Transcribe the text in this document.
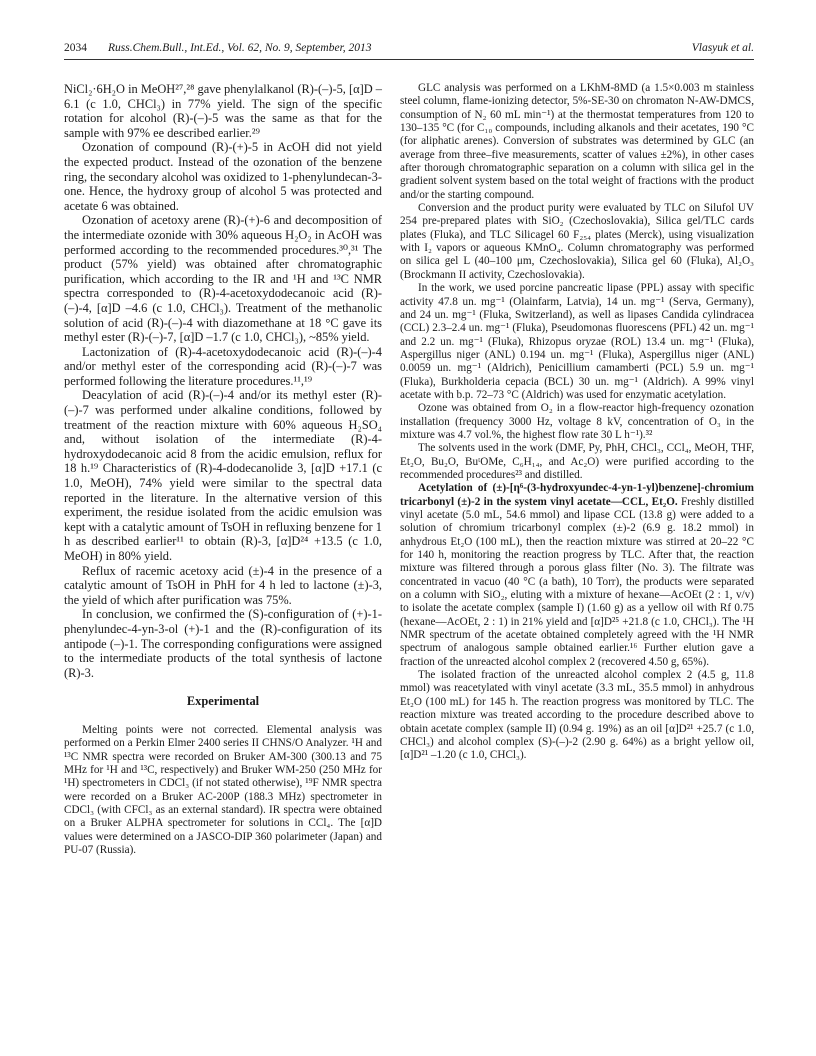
2034 Russ.Chem.Bull., Int.Ed., Vol. 62, No. 9, September, 2013	Vlasyuk et al.

NiCl₂·6H₂O in MeOH²⁷,²⁸ gave phenylalkanol (R)-(–)-5, [α]D –6.1 (c 1.0, CHCl₃) in 77% yield. The sign of the specific rotation for alcohol (R)-(–)-5 was the same as that for the sample with 97% ee described earlier.²⁹

Ozonation of compound (R)-(+)-5 in AcOH did not yield the expected product. Instead of the ozonation of the benzene ring, the secondary alcohol was oxidized to 1-phenylundecan-3-one. Hence, the hydroxy group of alcohol 5 was protected and acetate 6 was obtained.

Ozonation of acetoxy arene (R)-(+)-6 and decomposition of the intermediate ozonide with 30% aqueous H₂O₂ in AcOH was performed according to the recommended procedures.³⁰,³¹ The product (57% yield) was obtained after chromatographic purification, which according to the IR and ¹H and ¹³C NMR spectra corresponded to (R)-4-acetoxydodecanoic acid (R)-(–)-4, [α]D –4.6 (c 1.0, CHCl₃). Treatment of the methanolic solution of acid (R)-(–)-4 with diazomethane at 18 °C gave its methyl ester (R)-(–)-7, [α]D –1.7 (c 1.0, CHCl₃), ~85% yield.

Lactonization of (R)-4-acetoxydodecanoic acid (R)-(–)-4 and/or methyl ester of the corresponding acid (R)-(–)-7 was performed following the literature procedures.¹¹,¹⁹

Deacylation of acid (R)-(–)-4 and/or its methyl ester (R)-(–)-7 was performed under alkaline conditions, followed by treatment of the reaction mixture with 60% aqueous H₂SO₄ and, without isolation of the intermediate (R)-4-hydroxydodecanoic acid 8 from the acidic emulsion, reflux for 18 h.¹⁹ Characteristics of (R)-4-dodecanolide 3, [α]D +17.1 (c 1.0, MeOH), 74% yield were similar to the spectral data reported in the literature. In the alternative version of this experiment, the residue isolated from the acidic emulsion was kept with a catalytic amount of TsOH in refluxing benzene for 1 h as described earlier¹¹ to obtain (R)-3, [α]D²⁴ +13.5 (c 1.0, MeOH) in 80% yield.

Reflux of racemic acetoxy acid (±)-4 in the presence of a catalytic amount of TsOH in PhH for 4 h led to lactone (±)-3, the yield of which after purification was 75%.

In conclusion, we confirmed the (S)-configuration of (+)-1-phenylundec-4-yn-3-ol (+)-1 and the (R)-configuration of its antipode (–)-1. The corresponding configurations were assigned to the intermediate products of the total synthesis of lactone (R)-3.

Experimental

Melting points were not corrected. Elemental analysis was performed on a Perkin Elmer 2400 series II CHNS/O Analyzer. ¹H and ¹³C NMR spectra were recorded on Bruker AM-300 (300.13 and 75 MHz for ¹H and ¹³C, respectively) and Bruker WM-250 (250 MHz for ¹H) spectrometers in CDCl₃ (if not stated otherwise), ¹⁹F NMR spectra were recorded on a Bruker AC-200P (188.3 MHz) spectrometer in CDCl₃ (with CFCl₃ as an external standard). IR spectra were obtained on a Bruker ALPHA spectrometer for solutions in CCl₄. The [α]D values were determined on a JASCO-DIP 360 polarimeter (Japan) and PU-07 (Russia).

GLC analysis was performed on a LKhM-8MD (a 1.5×0.003 m stainless steel column, flame-ionizing detector, 5%-SE-30 on chromaton N-AW-DMCS, consumption of N₂ 60 mL min⁻¹) at the thermostat temperatures from 120 to 130–135 °C (for C₁₀ compounds, including alkanols and their acetates, 190 °C (for aliphatic arenes). Conversion of substrates was determined by GLC (an average from three–five measurements, scatter of values ±2%), in other cases after thorough chromatographic separation on a column with silica gel in the gradient solvent system based on the total weight of fractions with the product and/or the starting compound.

Conversion and the product purity were evaluated by TLC on Silufol UV 254 pre-prepared plates with SiO₂ (Czechoslovakia), Silica gel/TLC cards plates (Fluka), and TLC Silicagel 60 F₂₅₄ plates (Merck), using visualization with I₂ vapors or aqueous KMnO₄. Column chromatography was performed on silica gel L (40–100 μm, Czechoslovakia), Silica gel 60 (Fluka), Al₂O₃ (Brockmann II activity, Czechoslovakia).

In the work, we used porcine pancreatic lipase (PPL) assay with specific activity 47.8 un. mg⁻¹ (Olainfarm, Latvia), 14 un. mg⁻¹ (Serva, Germany), and 24 un. mg⁻¹ (Fluka, Switzerland), as well as lipases Candida cylindracea (CCL) 2.3–2.4 un. mg⁻¹ (Fluka), Pseudomonas fluorescens (PFL) 42 un. mg⁻¹ and 2.2 un. mg⁻¹ (Fluka), Rhizopus oryzae (ROL) 13.4 un. mg⁻¹ (Fluka), Aspergillus niger (ANL) 0.194 un. mg⁻¹ (Fluka), Aspergillus niger (ANL) 0.0059 un. mg⁻¹ (Aldrich), Penicillium camamberti (PCL) 5.9 un. mg⁻¹ (Fluka), Burkholderia cepacia (BCL) 30 un. mg⁻¹ (Aldrich). A 99% vinyl acetate with b.p. 72–73 °C (Aldrich) was used for enzymatic acetylation.

Ozone was obtained from O₂ in a flow-reactor high-frequency ozonation installation (frequency 3000 Hz, voltage 8 kV, concentration of O₃ in the mixture was 4.7 vol.%, the highest flow rate 30 L h⁻¹).³²

The solvents used in the work (DMF, Py, PhH, CHCl₃, CCl₄, MeOH, THF, Et₂O, Bu₂O, BuᵗOMe, C₆H₁₄, and Ac₂O) were purified according to the recommended procedures²³ and distilled.

Acetylation of (±)-[η⁶-(3-hydroxyundec-4-yn-1-yl)benzene]-chromium tricarbonyl (±)-2 in the system vinyl acetate—CCL, Et₂O. Freshly distilled vinyl acetate (5.0 mL, 54.6 mmol) and lipase CCL (13.8 g) were added to a solution of chromium tricarbonyl complex (±)-2 (6.9 g. 18.2 mmol) in anhydrous Et₂O (100 mL), then the reaction mixture was stirred at 20–22 °C for 140 h, monitoring the reaction progress by TLC. After that, the reaction mixture was filtered through a porous glass filter (No. 3). The filtrate was concentrated in vacuo (40 °C (a bath), 10 Torr), the products were separated on a column with SiO₂, eluting with a mixture of hexane—AcOEt (2 : 1, v/v) to isolate the acetate complex (sample I) (1.60 g) as a yellow oil with Rf 0.75 (hexane—AcOEt, 2 : 1) in 21% yield and [α]D²⁵ +21.8 (c 1.0, CHCl₃). The ¹H NMR spectrum of the acetate obtained completely agreed with the ¹H NMR spectrum of analogous sample obtained earlier.¹⁶ Further elution gave a fraction of the unreacted alcohol complex 2 (recovered 4.50 g, 65%).

The isolated fraction of the unreacted alcohol complex 2 (4.5 g, 11.8 mmol) was reacetylated with vinyl acetate (3.3 mL, 35.5 mmol) in anhydrous Et₂O (100 mL) for 145 h. The reaction progress was monitored by TLC. The reaction mixture was treated according to the procedure described above to obtain acetate complex (sample II) (0.94 g. 19%) as an oil [α]D²¹ +25.7 (c 1.0, CHCl₃) and alcohol complex (S)-(–)-2 (2.90 g. 64%) as a bright yellow oil, [α]D²¹ –1.20 (c 1.0, CHCl₃).
